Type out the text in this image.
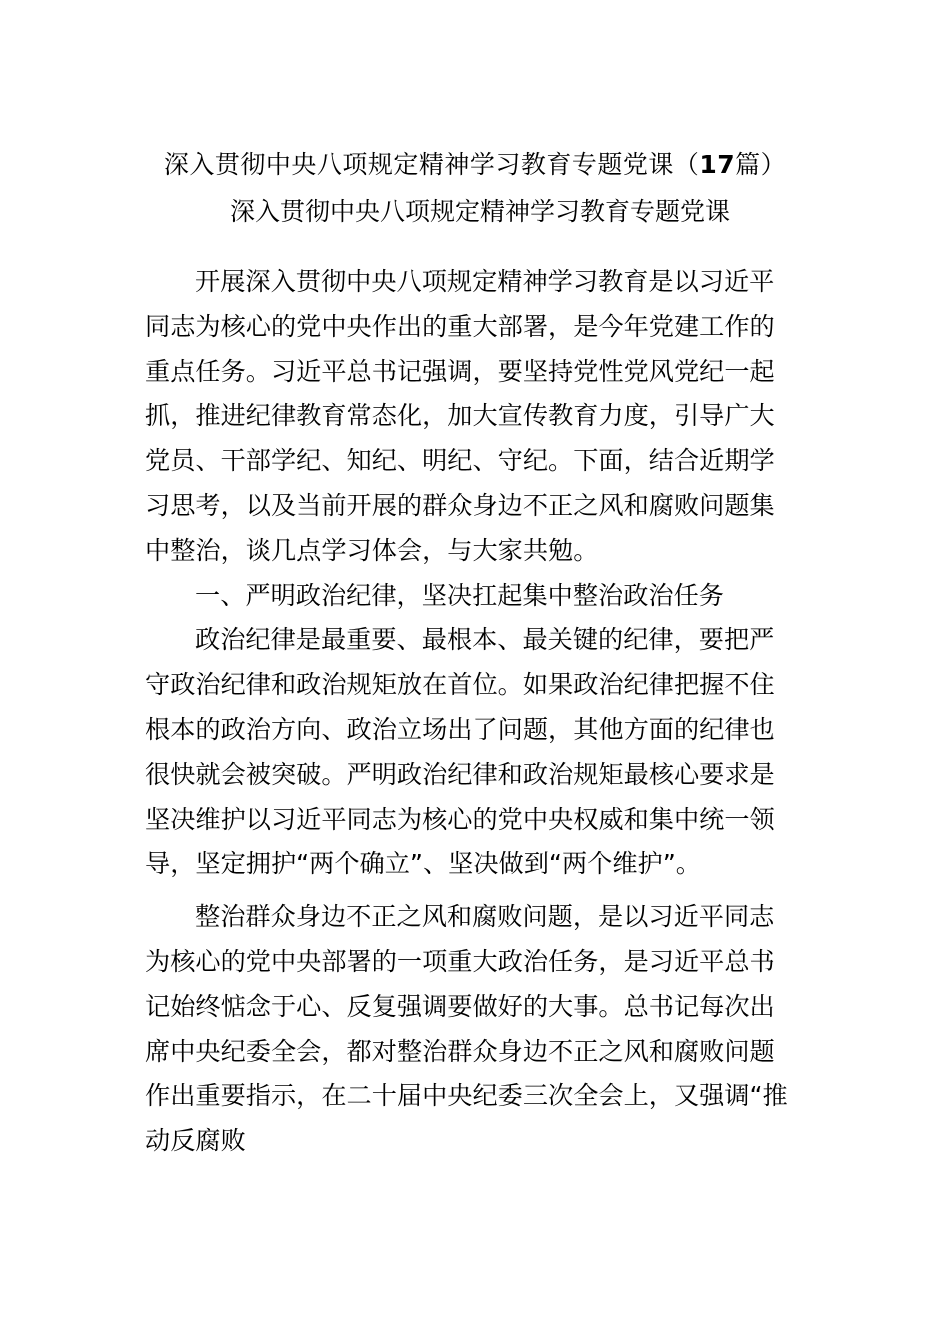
深入贯彻中央八项规定精神学习教育专题党课（17篇）
深入贯彻中央八项规定精神学习教育专题党课
开展深入贯彻中央八项规定精神学习教育是以习近平
同志为核心的党中央作出的重大部署，是今年党建工作的
重点任务。习近平总书记强调，要坚持党性党风党纪一起
抓，推进纪律教育常态化，加大宣传教育力度，引导广大
党员、干部学纪、知纪、明纪、守纪。下面，结合近期学
习思考，以及当前开展的群众身边不正之风和腐败问题集
中整治，谈几点学习体会，与大家共勉。
一、严明政治纪律，坚决扛起集中整治政治任务
政治纪律是最重要、最根本、最关键的纪律，要把严
守政治纪律和政治规矩放在首位。如果政治纪律把握不住
根本的政治方向、政治立场出了问题，其他方面的纪律也
很快就会被突破。严明政治纪律和政治规矩最核心要求是
坚决维护以习近平同志为核心的党中央权威和集中统一领
导，坚定拥护“两个确立”、坚决做到“两个维护”。
整治群众身边不正之风和腐败问题，是以习近平同志
为核心的党中央部署的一项重大政治任务，是习近平总书
记始终惦念于心、反复强调要做好的大事。总书记每次出
席中央纪委全会，都对整治群众身边不正之风和腐败问题
作出重要指示，在二十届中央纪委三次全会上，又强调“推
动反腐败
